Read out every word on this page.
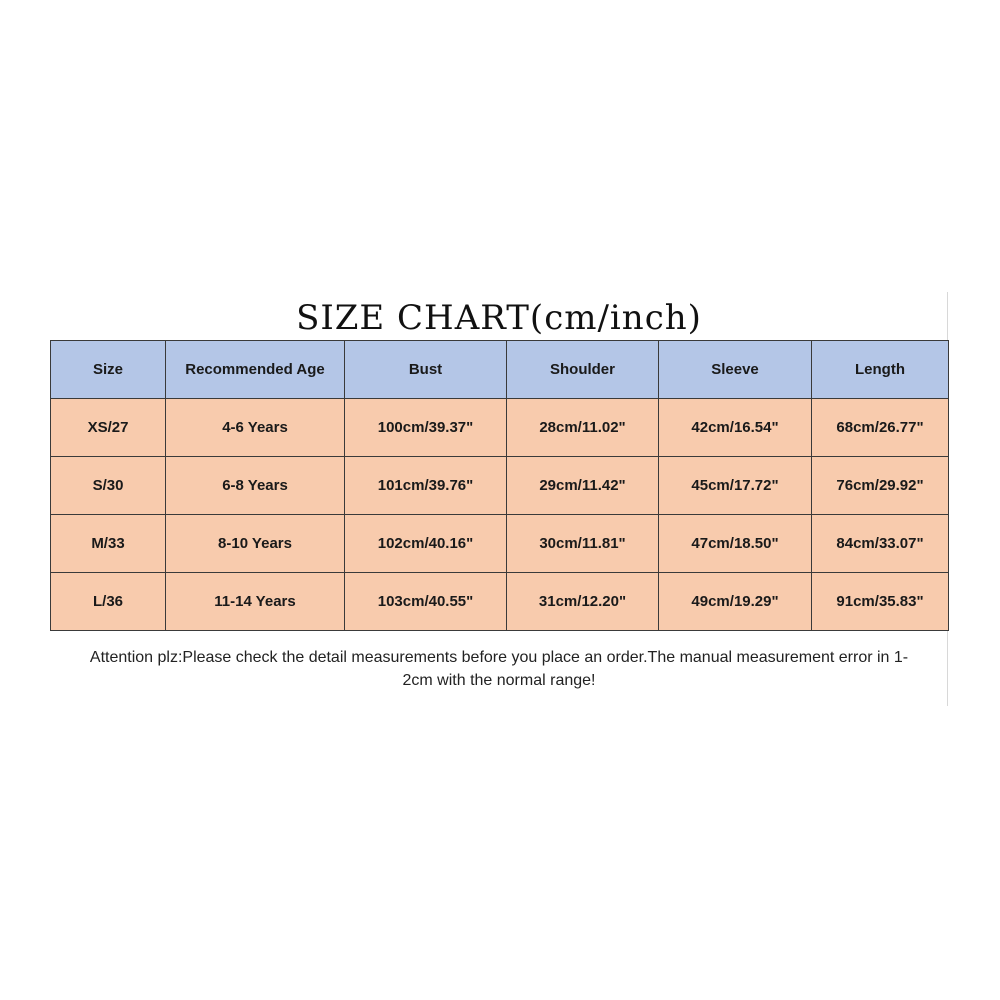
SIZE CHART(cm/inch)
Size	Recommended Age	Bust	Shoulder	Sleeve	Length
XS/27	4-6 Years	100cm/39.37"	28cm/11.02"	42cm/16.54"	68cm/26.77"
S/30	6-8 Years	101cm/39.76"	29cm/11.42"	45cm/17.72"	76cm/29.92"
M/33	8-10 Years	102cm/40.16"	30cm/11.81"	47cm/18.50"	84cm/33.07"
L/36	11-14 Years	103cm/40.55"	31cm/12.20"	49cm/19.29"	91cm/35.83"
Attention plz:Please check the detail measurements before you place an order.The manual measurement error in 1-
2cm with the normal range!
